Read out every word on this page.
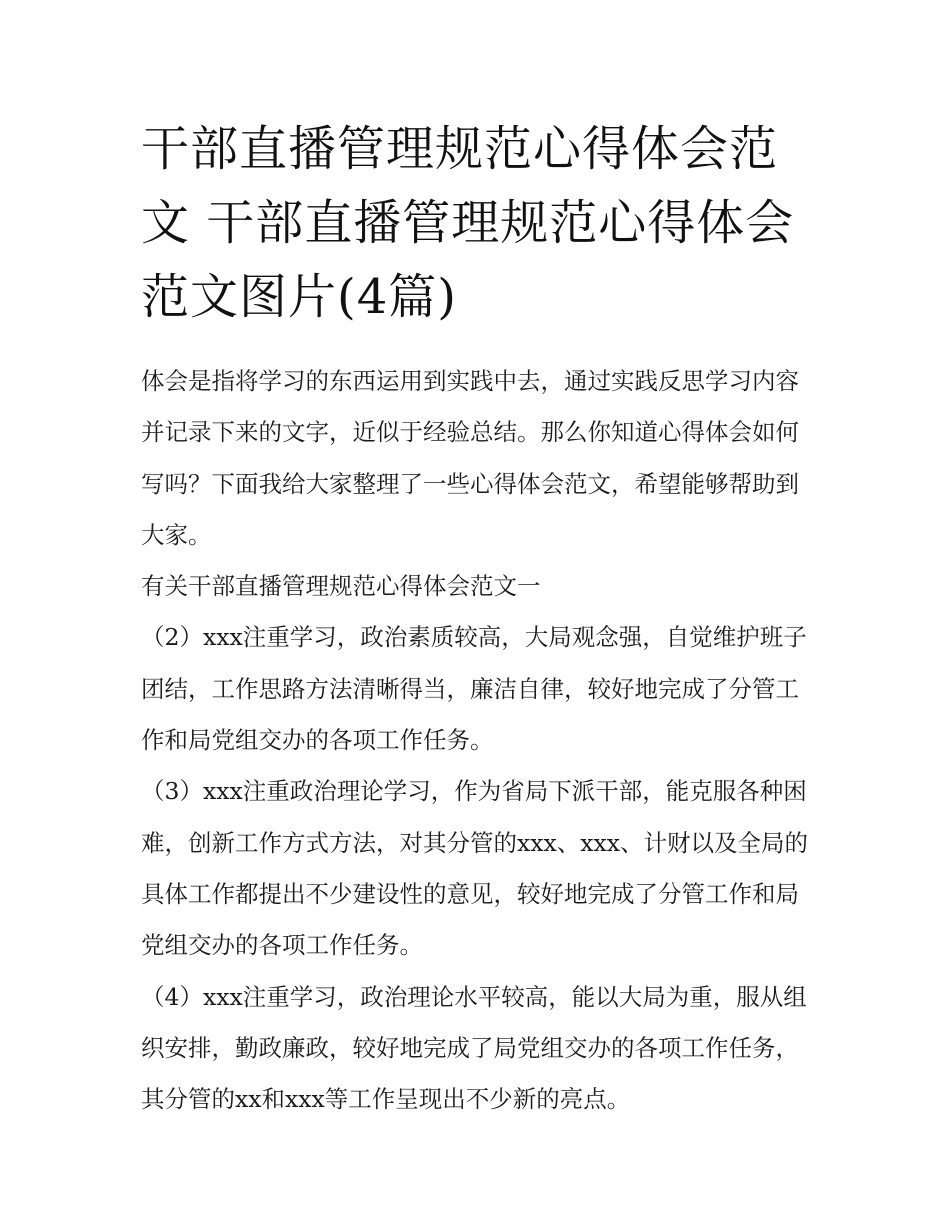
干部直播管理规范心得体会范文 干部直播管理规范心得体会范文图片(4篇)

体会是指将学习的东西运用到实践中去，通过实践反思学习内容并记录下来的文字，近似于经验总结。那么你知道心得体会如何写吗？下面我给大家整理了一些心得体会范文，希望能够帮助到大家。

有关干部直播管理规范心得体会范文一

（2）xxx注重学习，政治素质较高，大局观念强，自觉维护班子团结，工作思路方法清晰得当，廉洁自律，较好地完成了分管工作和局党组交办的各项工作任务。

（3）xxx注重政治理论学习，作为省局下派干部，能克服各种困难，创新工作方式方法，对其分管的xxx、xxx、计财以及全局的具体工作都提出不少建设性的意见，较好地完成了分管工作和局党组交办的各项工作任务。

（4）xxx注重学习，政治理论水平较高，能以大局为重，服从组织安排，勤政廉政，较好地完成了局党组交办的各项工作任务，其分管的xx和xxx等工作呈现出不少新的亮点。
